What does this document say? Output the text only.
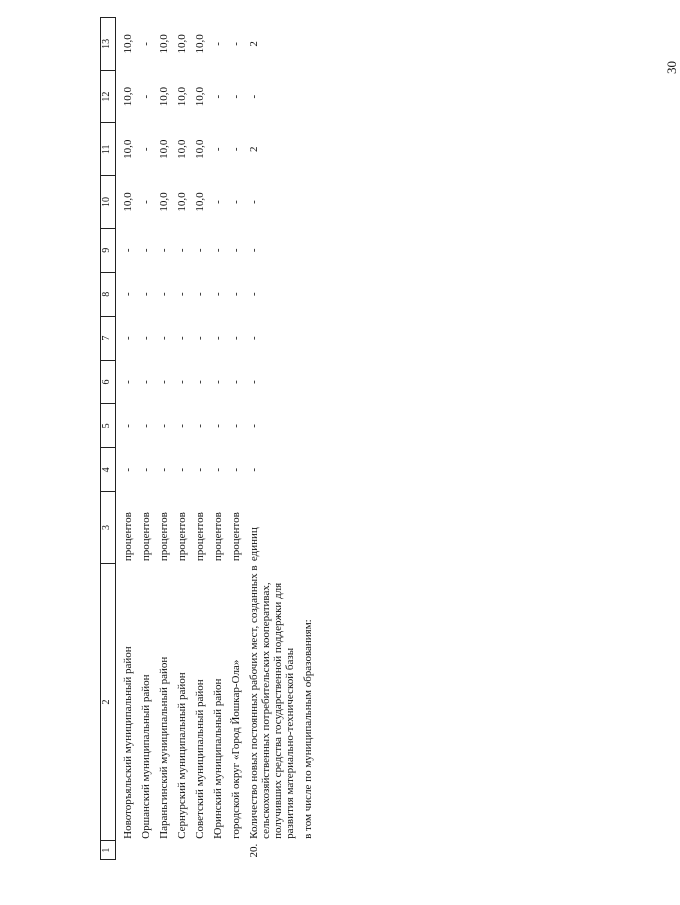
30
1	2	3	4	5	6	7	8	9	10	11	12	13
	Новоторъяльский муниципальный район	процентов	-	-	-	-	-	-	10,0	10,0	10,0	10,0
	Оршанский муниципальный район	процентов	-	-	-	-	-	-	-	-	-	-
	Параньгинский муниципальный район	процентов	-	-	-	-	-	-	10,0	10,0	10,0	10,0
	Сернурский муниципальный район	процентов	-	-	-	-	-	-	10,0	10,0	10,0	10,0
	Советский муниципальный район	процентов	-	-	-	-	-	-	10,0	10,0	10,0	10,0
	Юринский муниципальный район	процентов	-	-	-	-	-	-	-	-	-	-
	городской округ «Город Йошкар-Ола»	процентов	-	-	-	-	-	-	-	-	-	-
20.	Количество новых постоянных рабочих мест, созданных в сельскохозяйственных потребительских кооперативах, получивших средства государственной поддержки для развития материально-технической базы	единиц	-	-	-	-	-	-	-	2	-	2
	в том числе по муниципальным образованиям:											
